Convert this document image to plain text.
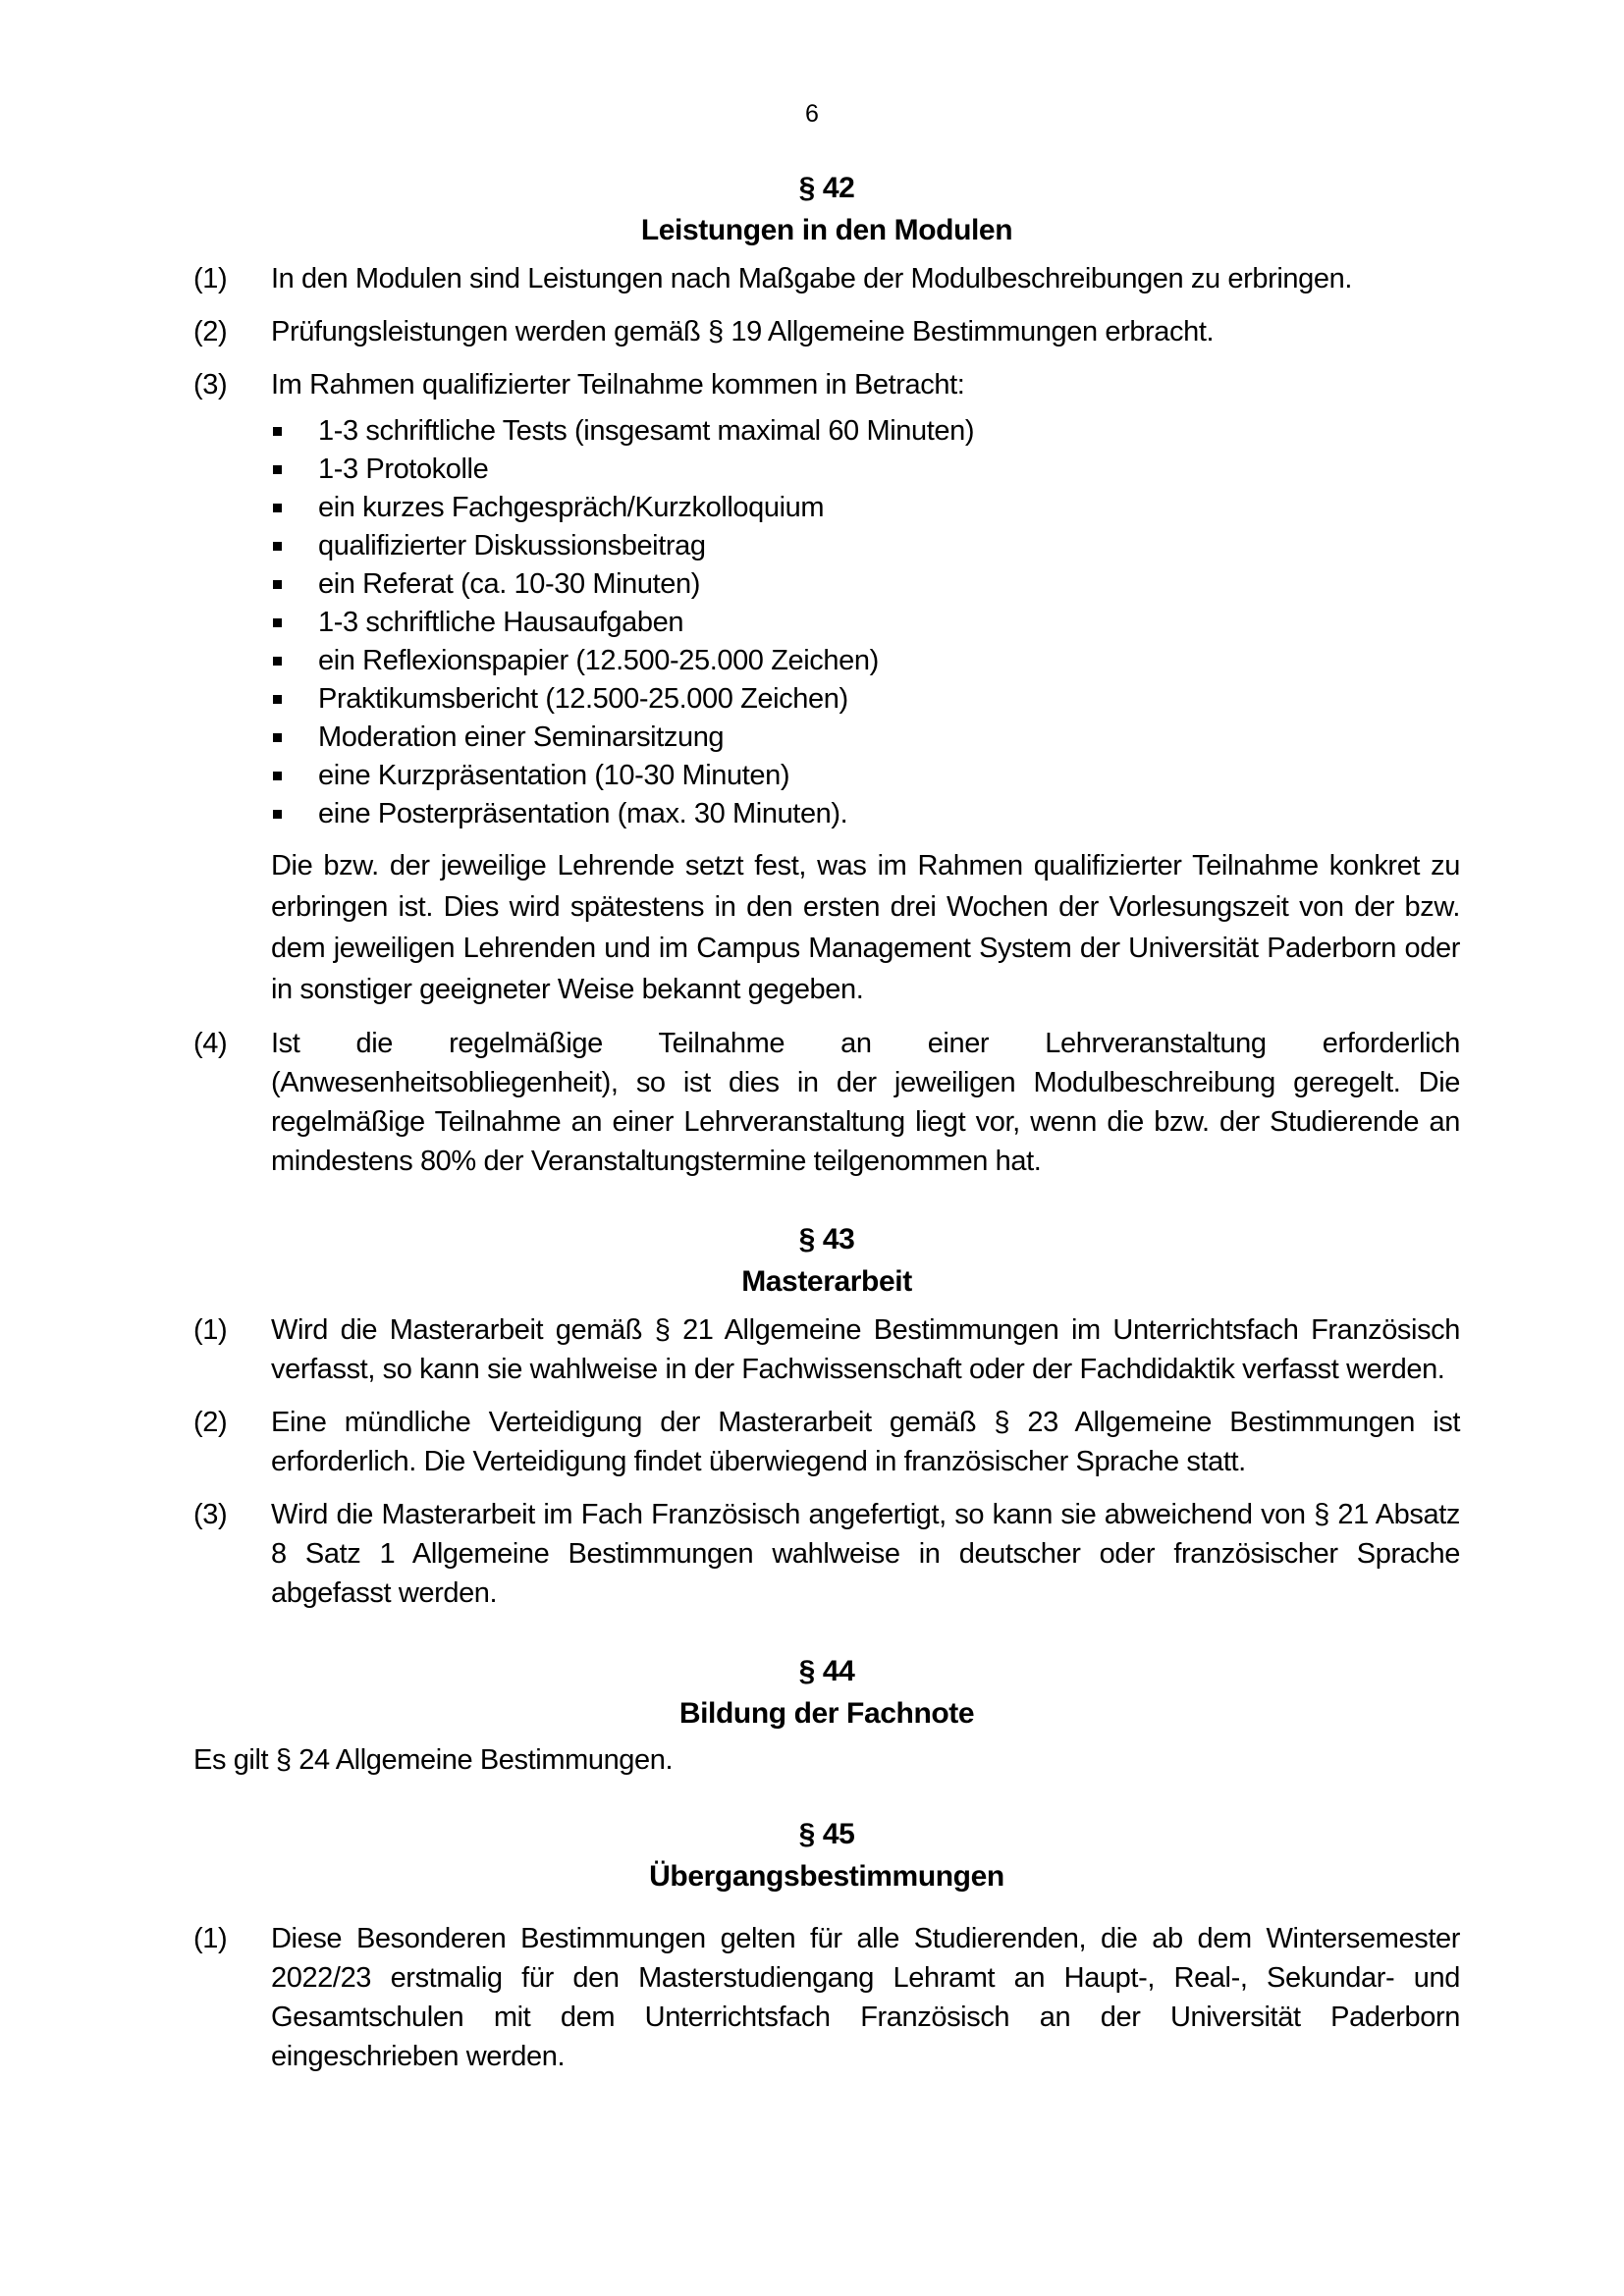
6
§ 42
Leistungen in den Modulen
(1)	In den Modulen sind Leistungen nach Maßgabe der Modulbeschreibungen zu erbringen.
(2)	Prüfungsleistungen werden gemäß § 19 Allgemeine Bestimmungen erbracht.
(3)	Im Rahmen qualifizierter Teilnahme kommen in Betracht:
1-3 schriftliche Tests (insgesamt maximal 60 Minuten)
1-3 Protokolle
ein kurzes Fachgespräch/Kurzkolloquium
qualifizierter Diskussionsbeitrag
ein Referat (ca. 10-30 Minuten)
1-3 schriftliche Hausaufgaben
ein Reflexionspapier (12.500-25.000 Zeichen)
Praktikumsbericht (12.500-25.000 Zeichen)
Moderation einer Seminarsitzung
eine Kurzpräsentation (10-30 Minuten)
eine Posterpräsentation (max. 30 Minuten).
Die bzw. der jeweilige Lehrende setzt fest, was im Rahmen qualifizierter Teilnahme konkret zu erbringen ist. Dies wird spätestens in den ersten drei Wochen der Vorlesungszeit von der bzw. dem jeweiligen Lehrenden und im Campus Management System der Universität Paderborn oder in sonstiger geeigneter Weise bekannt gegeben.
(4)	Ist die regelmäßige Teilnahme an einer Lehrveranstaltung erforderlich (Anwesenheitsobliegenheit), so ist dies in der jeweiligen Modulbeschreibung geregelt. Die regelmäßige Teilnahme an einer Lehrveranstaltung liegt vor, wenn die bzw. der Studierende an mindestens 80% der Veranstaltungstermine teilgenommen hat.
§ 43
Masterarbeit
(1)	Wird die Masterarbeit gemäß § 21 Allgemeine Bestimmungen im Unterrichtsfach Französisch verfasst, so kann sie wahlweise in der Fachwissenschaft oder der Fachdidaktik verfasst werden.
(2)	Eine mündliche Verteidigung der Masterarbeit gemäß § 23 Allgemeine Bestimmungen ist erforderlich. Die Verteidigung findet überwiegend in französischer Sprache statt.
(3)	Wird die Masterarbeit im Fach Französisch angefertigt, so kann sie abweichend von § 21 Absatz 8 Satz 1 Allgemeine Bestimmungen wahlweise in deutscher oder französischer Sprache abgefasst werden.
§ 44
Bildung der Fachnote
Es gilt § 24 Allgemeine Bestimmungen.
§ 45
Übergangsbestimmungen
(1)	Diese Besonderen Bestimmungen gelten für alle Studierenden, die ab dem Wintersemester 2022/23 erstmalig für den Masterstudiengang Lehramt an Haupt-, Real-, Sekundar- und Gesamtschulen mit dem Unterrichtsfach Französisch an der Universität Paderborn eingeschrieben werden.
